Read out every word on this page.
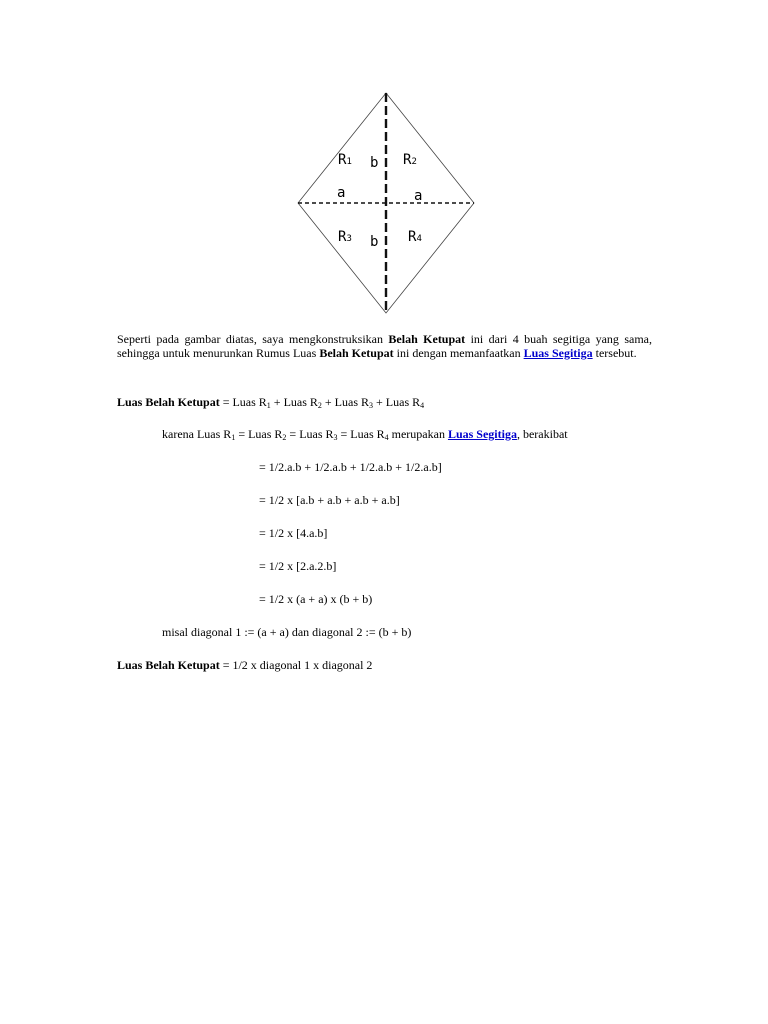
R1 b R2
a	a
R3 b R4

Seperti pada gambar diatas, saya mengkonstruksikan Belah Ketupat ini dari 4 buah segitiga yang sama, sehingga untuk menurunkan Rumus Luas Belah Ketupat ini dengan memanfaatkan Luas Segitiga tersebut.

Luas Belah Ketupat = Luas $R_1$ + Luas $R_2$ + Luas $R_3$ + Luas $R_4$

karena Luas $R_1$ = Luas $R_2$ = Luas $R_3$ = Luas $R_4$ merupakan Luas Segitiga, berakibat

= 1/2.a.b + 1/2.a.b + 1/2.a.b + 1/2.a.b]

= 1/2 x [a.b + a.b + a.b + a.b]

= 1/2 x [4.a.b]

= 1/2 x [2.a.2.b]

= 1/2 x (a + a) x (b + b)

misal diagonal 1 := (a + a) dan diagonal 2 := (b + b)

Luas Belah Ketupat = 1/2 x diagonal 1 x diagonal 2
